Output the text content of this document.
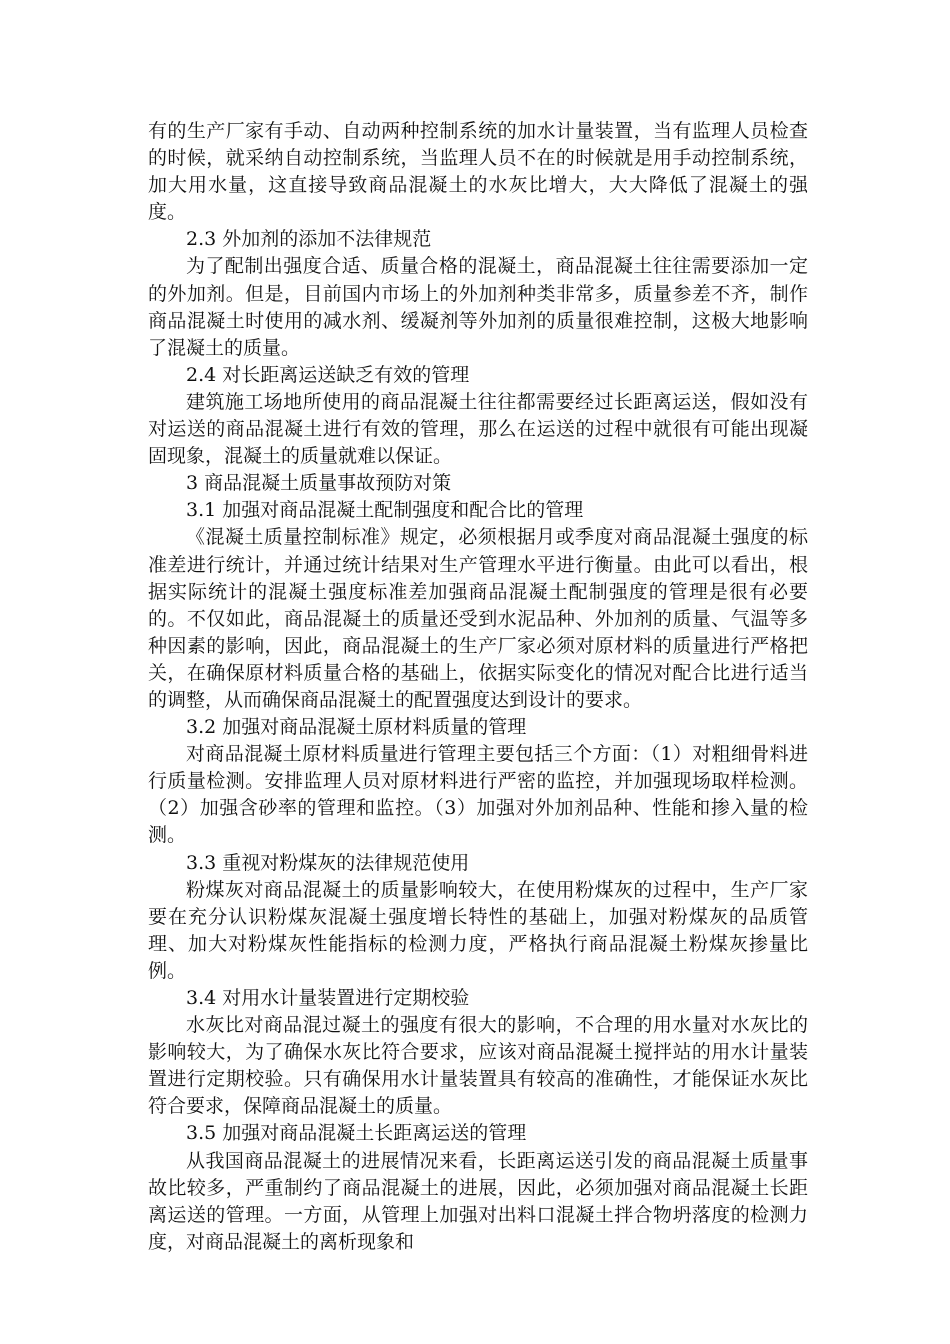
有的生产厂家有手动、自动两种控制系统的加水计量装置，当有监理人员检查的时候，就采纳自动控制系统，当监理人员不在的时候就是用手动控制系统，加大用水量，这直接导致商品混凝土的水灰比增大，大大降低了混凝土的强度。

2.3 外加剂的添加不法律规范

为了配制出强度合适、质量合格的混凝土，商品混凝土往往需要添加一定的外加剂。但是，目前国内市场上的外加剂种类非常多，质量参差不齐，制作商品混凝土时使用的减水剂、缓凝剂等外加剂的质量很难控制，这极大地影响了混凝土的质量。

2.4 对长距离运送缺乏有效的管理

建筑施工场地所使用的商品混凝土往往都需要经过长距离运送，假如没有对运送的商品混凝土进行有效的管理，那么在运送的过程中就很有可能出现凝固现象，混凝土的质量就难以保证。

3 商品混凝土质量事故预防对策

3.1 加强对商品混凝土配制强度和配合比的管理

《混凝土质量控制标准》规定，必须根据月或季度对商品混凝土强度的标准差进行统计，并通过统计结果对生产管理水平进行衡量。由此可以看出，根据实际统计的混凝土强度标准差加强商品混凝土配制强度的管理是很有必要的。不仅如此，商品混凝土的质量还受到水泥品种、外加剂的质量、气温等多种因素的影响，因此，商品混凝土的生产厂家必须对原材料的质量进行严格把关，在确保原材料质量合格的基础上，依据实际变化的情况对配合比进行适当的调整，从而确保商品混凝土的配置强度达到设计的要求。

3.2 加强对商品混凝土原材料质量的管理

对商品混凝土原材料质量进行管理主要包括三个方面：（1）对粗细骨料进行质量检测。安排监理人员对原材料进行严密的监控，并加强现场取样检测。（2）加强含砂率的管理和监控。（3）加强对外加剂品种、性能和掺入量的检测。

3.3 重视对粉煤灰的法律规范使用

粉煤灰对商品混凝土的质量影响较大，在使用粉煤灰的过程中，生产厂家要在充分认识粉煤灰混凝土强度增长特性的基础上，加强对粉煤灰的品质管理、加大对粉煤灰性能指标的检测力度，严格执行商品混凝土粉煤灰掺量比例。

3.4 对用水计量装置进行定期校验

水灰比对商品混过凝土的强度有很大的影响，不合理的用水量对水灰比的影响较大，为了确保水灰比符合要求，应该对商品混凝土搅拌站的用水计量装置进行定期校验。只有确保用水计量装置具有较高的准确性，才能保证水灰比符合要求，保障商品混凝土的质量。

3.5 加强对商品混凝土长距离运送的管理

从我国商品混凝土的进展情况来看，长距离运送引发的商品混凝土质量事故比较多，严重制约了商品混凝土的进展，因此，必须加强对商品混凝土长距离运送的管理。一方面，从管理上加强对出料口混凝土拌合物坍落度的检测力度，对商品混凝土的离析现象和
